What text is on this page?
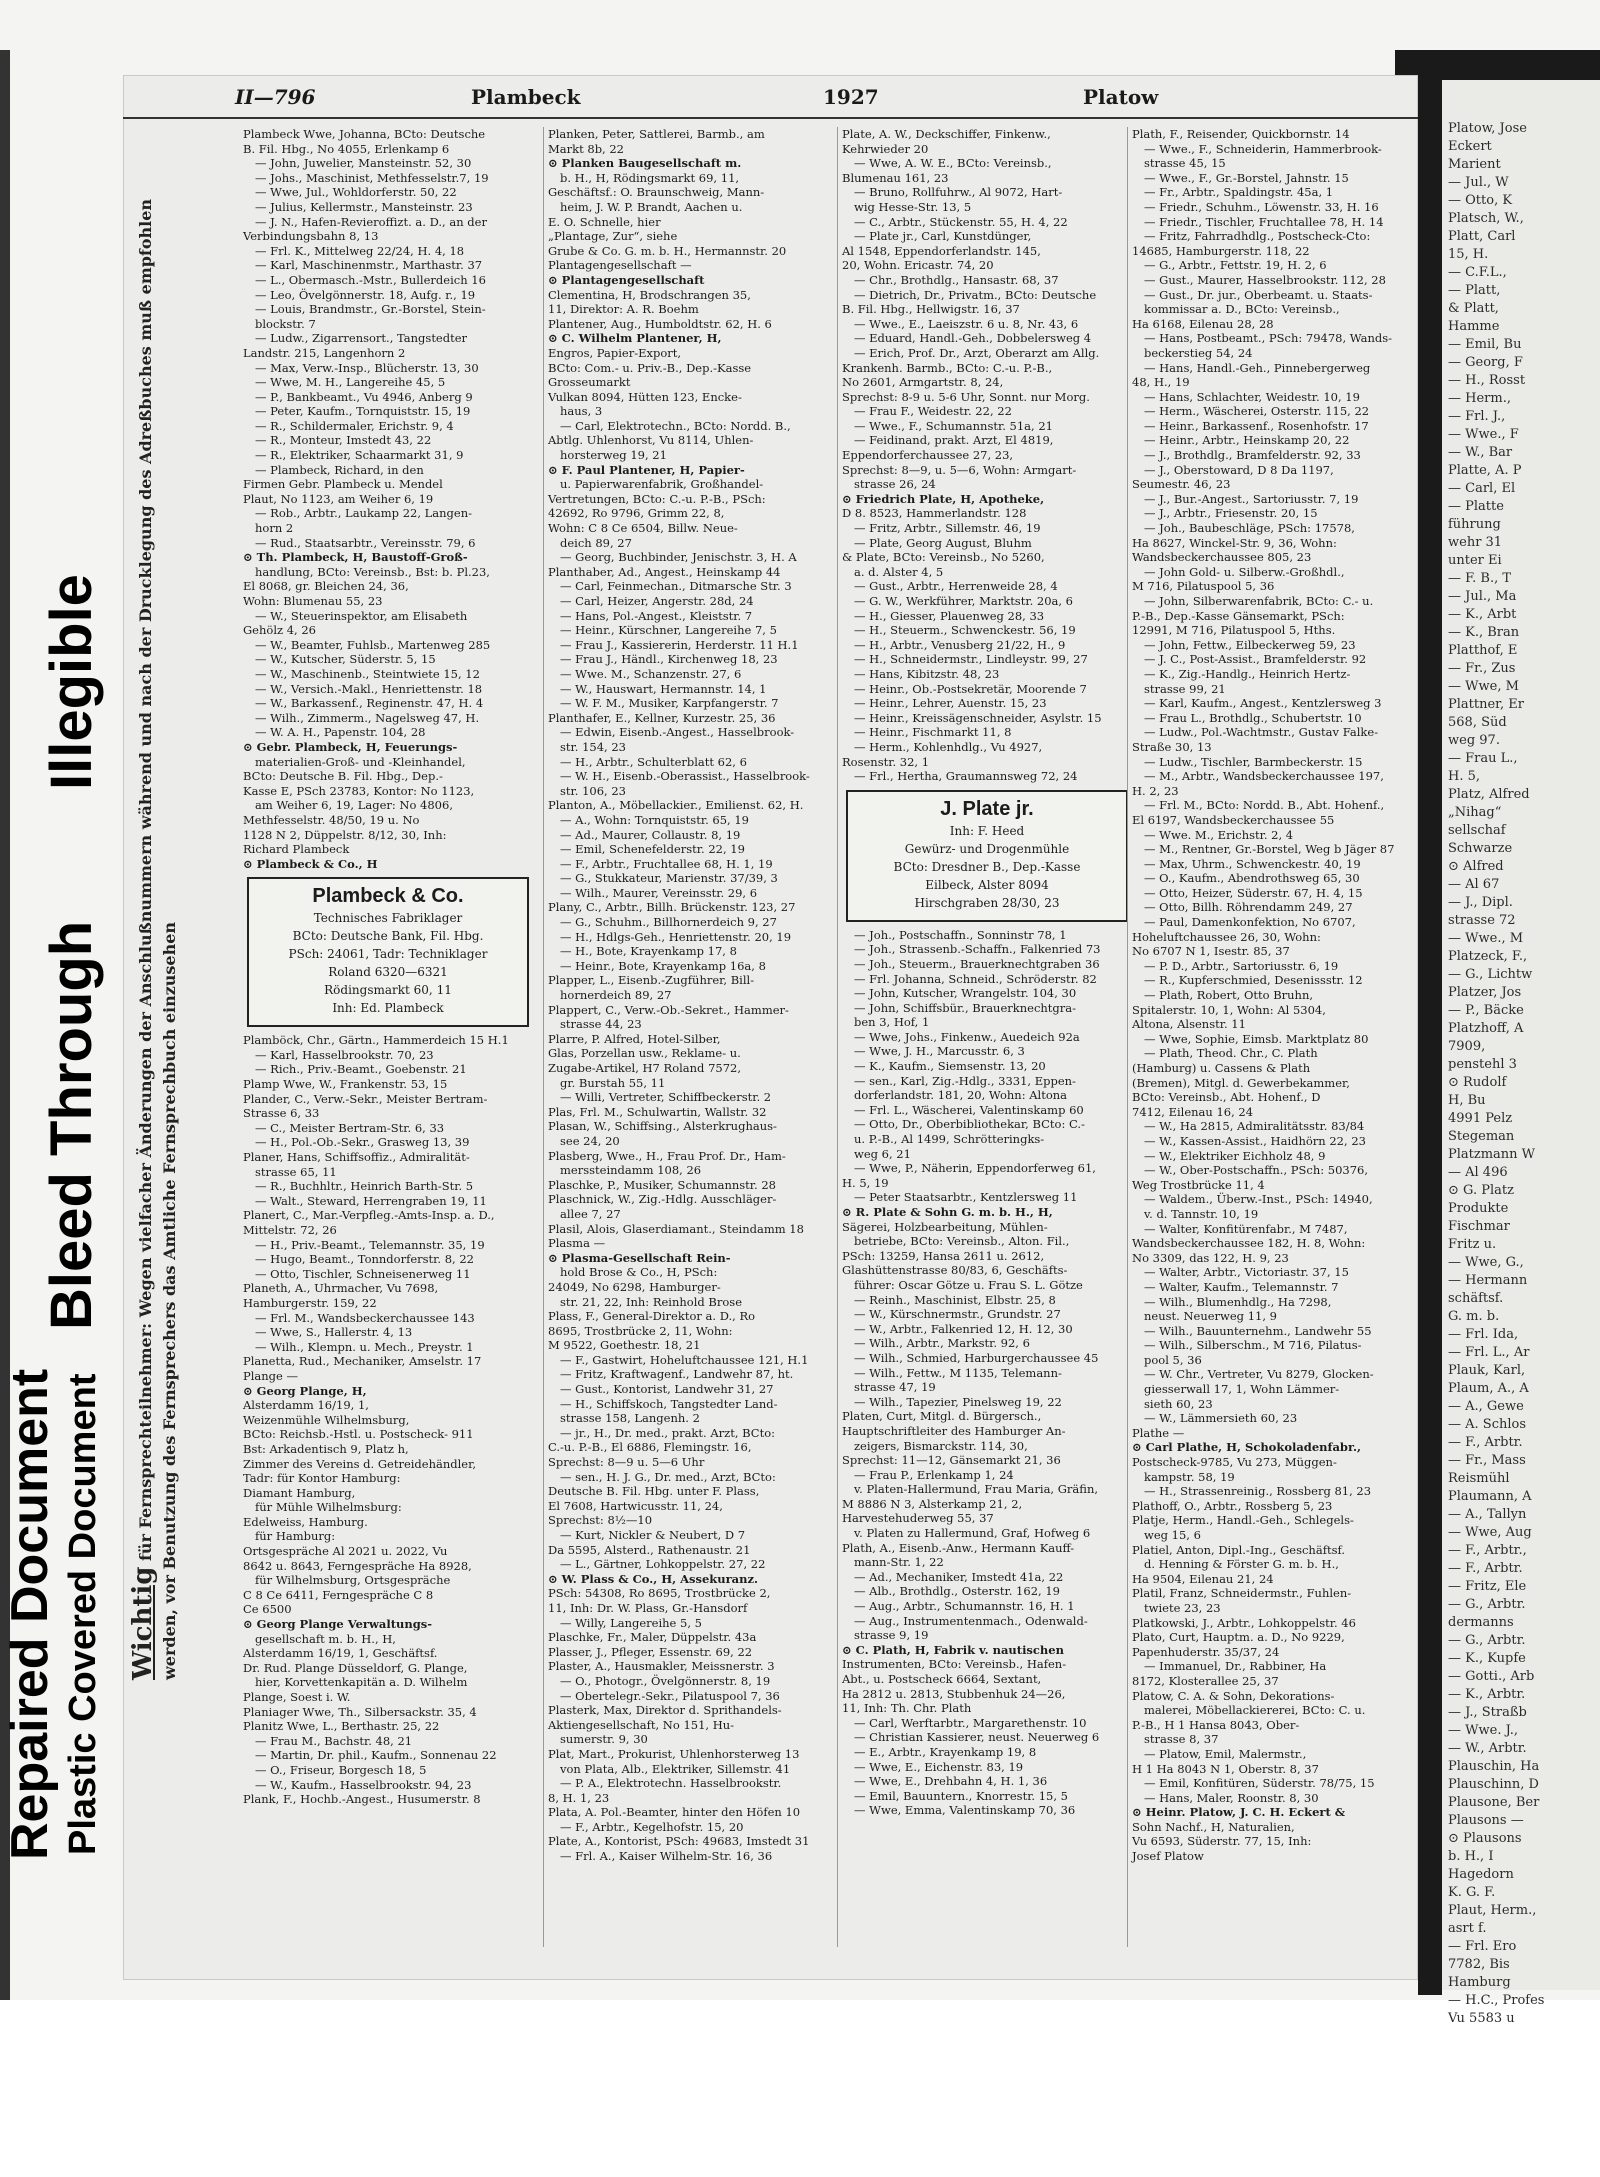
II—796	Plambeck	1927	Platow
Wichtig für Fernsprechteilnehmer: Wegen vielfacher Änderungen der Anschlußnummern während und nach der Drucklegung des Adreßbuches muß empfohlen werden, vor Benutzung des Fernsprechers das Amtliche Fernsprechbuch einzusehen
Plambeck Wwe, Johanna, BCto: Deutsche
B. Fil. Hbg., No 4055, Erlenkamp 6
— John, Juwelier, Mansteinstr. 52, 30
— Johs., Maschinist, Methfesselstr.7, 19
— Wwe, Jul., Wohldorferstr. 50, 22
— Julius, Kellermstr., Mansteinstr. 23
— J. N., Hafen-Revieroffizt. a. D., an der
Verbindungsbahn 8, 13
— Frl. K., Mittelweg 22/24, H. 4, 18
— Karl, Maschinenmstr., Marthastr. 37
— L., Obermasch.-Mstr., Bullerdeich 16
— Leo, Övelgönnerstr. 18, Aufg. r., 19
— Louis, Brandmstr., Gr.-Borstel, Stein-
blockstr. 7
— Ludw., Zigarrensort., Tangstedter
Landstr. 215, Langenhorn 2
— Max, Verw.-Insp., Blücherstr. 13, 30
— Wwe, M. H., Langereihe 45, 5
— P., Bankbeamt., Vu 4946, Anberg 9
— Peter, Kaufm., Tornquiststr. 15, 19
— R., Schildermaler, Erichstr. 9, 4
— R., Monteur, Imstedt 43, 22
— R., Elektriker, Schaarmarkt 31, 9
— Plambeck, Richard, in den
Firmen Gebr. Plambeck u. Mendel
Plaut, No 1123, am Weiher 6, 19
— Rob., Arbtr., Laukamp 22, Langen-
horn 2
— Rud., Staatsarbtr., Vereinsstr. 79, 6
⊙ Th. Plambeck, H, Baustoff-Groß-
handlung, BCto: Vereinsb., Bst: b. Pl.23,
El 8068, gr. Bleichen 24, 36,
Wohn: Blumenau 55, 23
— W., Steuerinspektor, am Elisabeth
Gehölz 4, 26
— W., Beamter, Fuhlsb., Martenweg 285
— W., Kutscher, Süderstr. 5, 15
— W., Maschinenb., Steintwiete 15, 12
— W., Versich.-Makl., Henriettenstr. 18
— W., Barkassenf., Reginenstr. 47, H. 4
— Wilh., Zimmerm., Nagelsweg 47, H.
— W. A. H., Papenstr. 104, 28
⊙ Gebr. Plambeck, H, Feuerungs-
materialien-Groß- und -Kleinhandel,
BCto: Deutsche B. Fil. Hbg., Dep.-
Kasse E, PSch 23783, Kontor: No 1123,
am Weiher 6, 19, Lager: No 4806,
Methfesselstr. 48/50, 19 u. No
1128 N 2, Düppelstr. 8/12, 30, Inh:
Richard Plambeck
⊙ Plambeck & Co., H
Plambeck & Co.
Technisches Fabriklager
BCto: Deutsche Bank, Fil. Hbg.
PSch: 24061, Tadr: Techniklager
Roland 6320—6321
Rödingsmarkt 60, 11
Inh: Ed. Plambeck
Plamböck, Chr., Gärtn., Hammerdeich 15 H.1
— Karl, Hasselbrookstr. 70, 23
— Rich., Priv.-Beamt., Goebenstr. 21
Plamp Wwe, W., Frankenstr. 53, 15
Plander, C., Verw.-Sekr., Meister Bertram-
Strasse 6, 33
— C., Meister Bertram-Str. 6, 33
— H., Pol.-Ob.-Sekr., Grasweg 13, 39
Planer, Hans, Schiffsoffiz., Admiralität-
strasse 65, 11
— R., Buchhltr., Heinrich Barth-Str. 5
— Walt., Steward, Herrengraben 19, 11
Planert, C., Mar.-Verpfleg.-Amts-Insp. a. D.,
Mittelstr. 72, 26
— H., Priv.-Beamt., Telemannstr. 35, 19
— Hugo, Beamt., Tonndorferstr. 8, 22
— Otto, Tischler, Schneisenerweg 11
Planeth, A., Uhrmacher, Vu 7698,
Hamburgerstr. 159, 22
— Frl. M., Wandsbeckerchaussee 143
— Wwe, S., Hallerstr. 4, 13
— Wilh., Klempn. u. Mech., Preystr. 1
Planetta, Rud., Mechaniker, Amselstr. 17
Plange —
⊙ Georg Plange, H,
Alsterdamm 16/19, 1,
Weizenmühle Wilhelmsburg,
BCto: Reichsb.-Hstl. u. Postscheck- 911
Bst: Arkadentisch 9, Platz h,
Zimmer des Vereins d. Getreidehändler,
Tadr: für Kontor Hamburg:
Diamant Hamburg,
für Mühle Wilhelmsburg:
Edelweiss, Hamburg.
für Hamburg:
Ortsgespräche Al 2021 u. 2022, Vu
8642 u. 8643, Ferngespräche Ha 8928,
für Wilhelmsburg, Ortsgespräche
C 8 Ce 6411, Ferngespräche C 8
Ce 6500
⊙ Georg Plange Verwaltungs-
gesellschaft m. b. H., H,
Alsterdamm 16/19, 1, Geschäftsf.
Dr. Rud. Plange Düsseldorf, G. Plange,
hier, Korvettenkapitän a. D. Wilhelm
Plange, Soest i. W.
Planiager Wwe, Th., Silbersackstr. 35, 4
Planitz Wwe, L., Berthastr. 25, 22
— Frau M., Bachstr. 48, 21
— Martin, Dr. phil., Kaufm., Sonnenau 22
— O., Friseur, Borgesch 18, 5
— W., Kaufm., Hasselbrookstr. 94, 23
Plank, F., Hochb.-Angest., Husumerstr. 8
Planken, Peter, Sattlerei, Barmb., am
Markt 8b, 22
⊙ Planken Baugesellschaft m.
b. H., H, Rödingsmarkt 69, 11,
Geschäftsf.: O. Braunschweig, Mann-
heim, J. W. P. Brandt, Aachen u.
E. O. Schnelle, hier
„Plantage, Zur“, siehe
Grube & Co. G. m. b. H., Hermannstr. 20
Plantagengesellschaft —
⊙ Plantagengesellschaft
Clementina, H, Brodschrangen 35,
11, Direktor: A. R. Boehm
Plantener, Aug., Humboldtstr. 62, H. 6
⊙ C. Wilhelm Plantener, H,
Engros, Papier-Export,
BCto: Com.- u. Priv.-B., Dep.-Kasse
Grosseumarkt
Vulkan 8094, Hütten 123, Encke-
haus, 3
— Carl, Elektrotechn., BCto: Nordd. B.,
Abtlg. Uhlenhorst, Vu 8114, Uhlen-
horsterweg 19, 21
⊙ F. Paul Plantener, H, Papier-
u. Papierwarenfabrik, Großhandel-
Vertretungen, BCto: C.-u. P.-B., PSch:
42692, Ro 9796, Grimm 22, 8,
Wohn: C 8 Ce 6504, Billw. Neue-
deich 89, 27
— Georg, Buchbinder, Jenischstr. 3, H. A
Planthaber, Ad., Angest., Heinskamp 44
— Carl, Feinmechan., Ditmarsche Str. 3
— Carl, Heizer, Angerstr. 28d, 24
— Hans, Pol.-Angest., Kleiststr. 7
— Heinr., Kürschner, Langereihe 7, 5
— Frau J., Kassiererin, Herderstr. 11 H.1
— Frau J., Händl., Kirchenweg 18, 23
— Wwe. M., Schanzenstr. 27, 6
— W., Hauswart, Hermannstr. 14, 1
— W. F. M., Musiker, Karpfangerstr. 7
Planthafer, E., Kellner, Kurzestr. 25, 36
— Edwin, Eisenb.-Angest., Hasselbrook-
str. 154, 23
— H., Arbtr., Schulterblatt 62, 6
— W. H., Eisenb.-Oberassist., Hasselbrook-
str. 106, 23
Planton, A., Möbellackier., Emilienst. 62, H.
— A., Wohn: Tornquiststr. 65, 19
— Ad., Maurer, Collaustr. 8, 19
— Emil, Schenefelderstr. 22, 19
— F., Arbtr., Fruchtallee 68, H. 1, 19
— G., Stukkateur, Marienstr. 37/39, 3
— Wilh., Maurer, Vereinsstr. 29, 6
Plany, C., Arbtr., Billh. Brückenstr. 123, 27
— G., Schuhm., Billhornerdeich 9, 27
— H., Hdlgs-Geh., Henriettenstr. 20, 19
— H., Bote, Krayenkamp 17, 8
— Heinr., Bote, Krayenkamp 16a, 8
Plapper, L., Eisenb.-Zugführer, Bill-
hornerdeich 89, 27
Plappert, C., Verw.-Ob.-Sekret., Hammer-
strasse 44, 23
Plarre, P. Alfred, Hotel-Silber,
Glas, Porzellan usw., Reklame- u.
Zugabe-Artikel, H7 Roland 7572,
gr. Burstah 55, 11
— Willi, Vertreter, Schiffbeckerstr. 2
Plas, Frl. M., Schulwartin, Wallstr. 32
Plasan, W., Schiffsing., Alsterkrughaus-
see 24, 20
Plasberg, Wwe., H., Frau Prof. Dr., Ham-
merssteindamm 108, 26
Plaschke, P., Musiker, Schumannstr. 28
Plaschnick, W., Zig.-Hdlg. Ausschläger-
allee 7, 27
Plasil, Alois, Glaserdiamant., Steindamm 18
Plasma —
⊙ Plasma-Gesellschaft Rein-
hold Brose & Co., H, PSch:
24049, No 6298, Hamburger-
str. 21, 22, Inh: Reinhold Brose
Plass, F., General-Direktor a. D., Ro
8695, Trostbrücke 2, 11, Wohn:
M 9522, Goethestr. 18, 21
— F., Gastwirt, Hoheluftchaussee 121, H.1
— Fritz, Kraftwagenf., Landwehr 87, ht.
— Gust., Kontorist, Landwehr 31, 27
— H., Schiffskoch, Tangstedter Land-
strasse 158, Langenh. 2
— jr., H., Dr. med., prakt. Arzt, BCto:
C.-u. P.-B., El 6886, Flemingstr. 16,
Sprechst: 8—9 u. 5—6 Uhr
— sen., H. J. G., Dr. med., Arzt, BCto:
Deutsche B. Fil. Hbg. unter F. Plass,
El 7608, Hartwicusstr. 11, 24,
Sprechst: 8½—10
— Kurt, Nickler & Neubert, D 7
Da 5595, Alsterd., Rathenaustr. 21
— L., Gärtner, Lohkoppelstr. 27, 22
⊙ W. Plass & Co., H, Assekuranz.
PSch: 54308, Ro 8695, Trostbrücke 2,
11, Inh: Dr. W. Plass, Gr.-Hansdorf
— Willy, Langereihe 5, 5
Plaschke, Fr., Maler, Düppelstr. 43a
Plasser, J., Pfleger, Essenstr. 69, 22
Plaster, A., Hausmakler, Meissnerstr. 3
— O., Photogr., Övelgönnerstr. 8, 19
— Obertelegr.-Sekr., Pilatuspool 7, 36
Plasterk, Max, Direktor d. Sprithandels-
Aktiengesellschaft, No 151, Hu-
sumerstr. 9, 30
Plat, Mart., Prokurist, Uhlenhorsterweg 13
von Plata, Alb., Elektriker, Sillemstr. 41
— P. A., Elektrotechn. Hasselbrookstr.
8, H. 1, 23
Plata, A. Pol.-Beamter, hinter den Höfen 10
— F., Arbtr., Kegelhofstr. 15, 20
Plate, A., Kontorist, PSch: 49683, Imstedt 31
— Frl. A., Kaiser Wilhelm-Str. 16, 36
Plate, A. W., Deckschiffer, Finkenw.,
Kehrwieder 20
— Wwe, A. W. E., BCto: Vereinsb.,
Blumenau 161, 23
— Bruno, Rollfuhrw., Al 9072, Hart-
wig Hesse-Str. 13, 5
— C., Arbtr., Stückenstr. 55, H. 4, 22
— Plate jr., Carl, Kunstdünger,
Al 1548, Eppendorferlandstr. 145,
20, Wohn. Ericastr. 74, 20
— Chr., Brothdlg., Hansastr. 68, 37
— Dietrich, Dr., Privatm., BCto: Deutsche
B. Fil. Hbg., Hellwigstr. 16, 37
— Wwe., E., Laeiszstr. 6 u. 8, Nr. 43, 6
— Eduard, Handl.-Geh., Dobbelersweg 4
— Erich, Prof. Dr., Arzt, Oberarzt am Allg.
Krankenh. Barmb., BCto: C.-u. P.-B.,
No 2601, Armgartstr. 8, 24,
Sprechst: 8-9 u. 5-6 Uhr, Sonnt. nur Morg.
— Frau F., Weidestr. 22, 22
— Wwe., F., Schumannstr. 51a, 21
— Feidinand, prakt. Arzt, El 4819,
Eppendorferchaussee 27, 23,
Sprechst: 8—9, u. 5—6, Wohn: Armgart-
strasse 26, 24
⊙ Friedrich Plate, H, Apotheke,
D 8. 8523, Hammerlandstr. 128
— Fritz, Arbtr., Sillemstr. 46, 19
— Plate, Georg August, Bluhm
& Plate, BCto: Vereinsb., No 5260,
a. d. Alster 4, 5
— Gust., Arbtr., Herrenweide 28, 4
— G. W., Werkführer, Marktstr. 20a, 6
— H., Giesser, Plauenweg 28, 33
— H., Steuerm., Schwenckestr. 56, 19
— H., Arbtr., Venusberg 21/22, H., 9
— H., Schneidermstr., Lindleystr. 99, 27
— Hans, Kibitzstr. 48, 23
— Heinr., Ob.-Postsekretär, Moorende 7
— Heinr., Lehrer, Auenstr. 15, 23
— Heinr., Kreissägenschneider, Asylstr. 15
— Heinr., Fischmarkt 11, 8
— Herm., Kohlenhdlg., Vu 4927,
Rosenstr. 32, 1
— Frl., Hertha, Graumannsweg 72, 24
J. Plate jr.
Inh: F. Heed
Gewürz- und Drogenmühle
BCto: Dresdner B., Dep.-Kasse
Eilbeck, Alster 8094
Hirschgraben 28/30, 23
— Joh., Postschaffn., Sonninstr 78, 1
— Joh., Strassenb.-Schaffn., Falkenried 73
— Joh., Steuerm., Brauerknechtgraben 36
— Frl. Johanna, Schneid., Schröderstr. 82
— John, Kutscher, Wrangelstr. 104, 30
— John, Schiffsbür., Brauerknechtgra-
ben 3, Hof, 1
— Wwe, Johs., Finkenw., Auedeich 92a
— Wwe, J. H., Marcusstr. 6, 3
— K., Kaufm., Siemsenstr. 13, 20
— sen., Karl, Zig.-Hdlg., 3331, Eppen-
dorferlandstr. 181, 20, Wohn: Altona
— Frl. L., Wäscherei, Valentinskamp 60
— Otto, Dr., Oberbibliothekar, BCto: C.-
u. P.-B., Al 1499, Schrötteringks-
weg 6, 21
— Wwe, P., Näherin, Eppendorferweg 61,
H. 5, 19
— Peter Staatsarbtr., Kentzlersweg 11
⊙ R. Plate & Sohn G. m. b. H., H,
Sägerei, Holzbearbeitung, Mühlen-
betriebe, BCto: Vereinsb., Alton. Fil.,
PSch: 13259, Hansa 2611 u. 2612,
Glashüttenstrasse 80/83, 6, Geschäfts-
führer: Oscar Götze u. Frau S. L. Götze
— Reinh., Maschinist, Elbstr. 25, 8
— W., Kürschnermstr., Grundstr. 27
— W., Arbtr., Falkenried 12, H. 12, 30
— Wilh., Arbtr., Markstr. 92, 6
— Wilh., Schmied, Harburgerchaussee 45
— Wilh., Fettw., M 1135, Telemann-
strasse 47, 19
— Wilh., Tapezier, Pinelsweg 19, 22
Platen, Curt, Mitgl. d. Bürgersch.,
Hauptschriftleiter des Hamburger An-
zeigers, Bismarckstr. 114, 30,
Sprechst: 11—12, Gänsemarkt 21, 36
— Frau P., Erlenkamp 1, 24
v. Platen-Hallermund, Frau Maria, Gräfin,
M 8886 N 3, Alsterkamp 21, 2,
Harvestehuderweg 55, 37
v. Platen zu Hallermund, Graf, Hofweg 6
Plath, A., Eisenb.-Anw., Hermann Kauff-
mann-Str. 1, 22
— Ad., Mechaniker, Imstedt 41a, 22
— Alb., Brothdlg., Osterstr. 162, 19
— Aug., Arbtr., Schumannstr. 16, H. 1
— Aug., Instrumentenmach., Odenwald-
strasse 9, 19
⊙ C. Plath, H, Fabrik v. nautischen
Instrumenten, BCto: Vereinsb., Hafen-
Abt., u. Postscheck 6664, Sextant,
Ha 2812 u. 2813, Stubbenhuk 24—26,
11, Inh: Th. Chr. Plath
— Carl, Werftarbtr., Margarethenstr. 10
— Christian Kassierer, neust. Neuerweg 6
— E., Arbtr., Krayenkamp 19, 8
— Wwe, E., Eichenstr. 83, 19
— Wwe, E., Drehbahn 4, H. 1, 36
— Emil, Bauuntern., Knorrestr. 15, 5
— Wwe, Emma, Valentinskamp 70, 36
Plath, F., Reisender, Quickbornstr. 14
— Wwe., F., Schneiderin, Hammerbrook-
strasse 45, 15
— Wwe., F., Gr.-Borstel, Jahnstr. 15
— Fr., Arbtr., Spaldingstr. 45a, 1
— Friedr., Schuhm., Löwenstr. 33, H. 16
— Friedr., Tischler, Fruchtallee 78, H. 14
— Fritz, Fahrradhdlg., Postscheck-Cto:
14685, Hamburgerstr. 118, 22
— G., Arbtr., Fettstr. 19, H. 2, 6
— Gust., Maurer, Hasselbrookstr. 112, 28
— Gust., Dr. jur., Oberbeamt. u. Staats-
kommissar a. D., BCto: Vereinsb.,
Ha 6168, Eilenau 28, 28
— Hans, Postbeamt., PSch: 79478, Wands-
beckerstieg 54, 24
— Hans, Handl.-Geh., Pinnebergerweg
48, H., 19
— Hans, Schlachter, Weidestr. 10, 19
— Herm., Wäscherei, Osterstr. 115, 22
— Heinr., Barkassenf., Rosenhofstr. 17
— Heinr., Arbtr., Heinskamp 20, 22
— J., Brothdlg., Bramfelderstr. 92, 33
— J., Oberstoward, D 8 Da 1197,
Seumestr. 46, 23
— J., Bur.-Angest., Sartoriusstr. 7, 19
— J., Arbtr., Friesenstr. 20, 15
— Joh., Baubeschläge, PSch: 17578,
Ha 8627, Winckel-Str. 9, 36, Wohn:
Wandsbeckerchaussee 805, 23
— John Gold- u. Silberw.-Großhdl.,
M 716, Pilatuspool 5, 36
— John, Silberwarenfabrik, BCto: C.- u.
P.-B., Dep.-Kasse Gänsemarkt, PSch:
12991, M 716, Pilatuspool 5, Hths.
— John, Fettw., Eilbeckerweg 59, 23
— J. C., Post-Assist., Bramfelderstr. 92
— K., Zig.-Handlg., Heinrich Hertz-
strasse 99, 21
— Karl, Kaufm., Angest., Kentzlersweg 3
— Frau L., Brothdlg., Schubertstr. 10
— Ludw., Pol.-Wachtmstr., Gustav Falke-
Straße 30, 13
— Ludw., Tischler, Barmbeckerstr. 15
— M., Arbtr., Wandsbeckerchaussee 197,
H. 2, 23
— Frl. M., BCto: Nordd. B., Abt. Hohenf.,
El 6197, Wandsbeckerchaussee 55
— Wwe. M., Erichstr. 2, 4
— M., Rentner, Gr.-Borstel, Weg b Jäger 87
— Max, Uhrm., Schwenckestr. 40, 19
— O., Kaufm., Abendrothsweg 65, 30
— Otto, Heizer, Süderstr. 67, H. 4, 15
— Otto, Billh. Röhrendamm 249, 27
— Paul, Damenkonfektion, No 6707,
Hoheluftchaussee 26, 30, Wohn:
No 6707 N 1, Isestr. 85, 37
— P. D., Arbtr., Sartoriusstr. 6, 19
— R., Kupferschmied, Desenissstr. 12
— Plath, Robert, Otto Bruhn,
Spitalerstr. 10, 1, Wohn: Al 5304,
Altona, Alsenstr. 11
— Wwe, Sophie, Eimsb. Marktplatz 80
— Plath, Theod. Chr., C. Plath
(Hamburg) u. Cassens & Plath
(Bremen), Mitgl. d. Gewerbekammer,
BCto: Vereinsb., Abt. Hohenf., D
7412, Eilenau 16, 24
— W., Ha 2815, Admiralitätsstr. 83/84
— W., Kassen-Assist., Haidhörn 22, 23
— W., Elektriker Eichholz 48, 9
— W., Ober-Postschaffn., PSch: 50376,
Weg Trostbrücke 11, 4
— Waldem., Überw.-Inst., PSch: 14940,
v. d. Tannstr. 10, 19
— Walter, Konfitürenfabr., M 7487,
Wandsbeckerchaussee 182, H. 8, Wohn:
No 3309, das 122, H. 9, 23
— Walter, Arbtr., Victoriastr. 37, 15
— Walter, Kaufm., Telemannstr. 7
— Wilh., Blumenhdlg., Ha 7298,
neust. Neuerweg 11, 9
— Wilh., Bauunternehm., Landwehr 55
— Wilh., Silberschm., M 716, Pilatus-
pool 5, 36
— W. Chr., Vertreter, Vu 8279, Glocken-
giesserwall 17, 1, Wohn Lämmer-
sieth 60, 23
— W., Lämmersieth 60, 23
Plathe —
⊙ Carl Plathe, H, Schokoladenfabr.,
Postscheck-9785, Vu 273, Müggen-
kampstr. 58, 19
— H., Strassenreinig., Rossberg 81, 23
Plathoff, O., Arbtr., Rossberg 5, 23
Platje, Herm., Handl.-Geh., Schlegels-
weg 15, 6
Platiel, Anton, Dipl.-Ing., Geschäftsf.
d. Henning & Förster G. m. b. H.,
Ha 9504, Eilenau 21, 24
Platil, Franz, Schneidermstr., Fuhlen-
twiete 23, 23
Platkowski, J., Arbtr., Lohkoppelstr. 46
Plato, Curt, Hauptm. a. D., No 9229,
Papenhuderstr. 35/37, 24
— Immanuel, Dr., Rabbiner, Ha
8172, Klosterallee 25, 37
Platow, C. A. & Sohn, Dekorations-
malerei, Möbellackiererei, BCto: C. u.
P.-B., H 1 Hansa 8043, Ober-
strasse 8, 37
— Platow, Emil, Malermstr.,
H 1 Ha 8043 N 1, Oberstr. 8, 37
— Emil, Konfitüren, Süderstr. 78/75, 15
— Hans, Maler, Roonstr. 8, 30
⊙ Heinr. Platow, J. C. H. Eckert &
Sohn Nachf., H, Naturalien,
Vu 6593, Süderstr. 77, 15, Inh:
Josef Platow
Platow, Jose
Eckert
Marient
— Jul., W
— Otto, K
Platsch, W.,
Platt, Carl
15, H.
— C.F.L.,
— Platt,
& Platt,
Hamme
— Emil, Bu
— Georg, F
— H., Rosst
— Herm.,
— Frl. J.,
— Wwe., F
— W., Bar
Platte, A. P
— Carl, El
— Platte
führung
wehr 31
unter Ei
— F. B., T
— Jul., Ma
— K., Arbt
— K., Bran
Platthof, E
— Fr., Zus
— Wwe, M
Plattner, Er
568, Süd
weg 97.
— Frau L.,
H. 5,
Platz, Alfred
„Nihag“
sellschaf
Schwarze
⊙ Alfred
— Al 67
— J., Dipl.
strasse 72
— Wwe., M
Platzeck, F.,
— G., Lichtw
Platzer, Jos
— P., Bäcke
Platzhoff, A
7909,
penstehl 3
⊙ Rudolf
H, Bu
4991 Pelz
Stegeman
Platzmann W
— Al 496
⊙ G. Platz
Produkte
Fischmar
Fritz u.
— Wwe, G.,
— Hermann
schäftsf.
G. m. b.
— Frl. Ida,
— Frl. L., Ar
Plauk, Karl,
Plaum, A., A
— A., Gewe
— A. Schlos
— F., Arbtr.
— Fr., Mass
Reismühl
Plaumann, A
— A., Tallyn
— Wwe, Aug
— F., Arbtr.,
— F., Arbtr.
— Fritz, Ele
— G., Arbtr.
dermanns
— G., Arbtr.
— K., Kupfe
— Gotti., Arb
— K., Arbtr.
— J., Straßb
— Wwe. J.,
— W., Arbtr.
Plauschin, Ha
Plauschinn, D
Plausone, Ber
Plausons —
⊙ Plausons
b. H., I
Hagedorn
K. G. F.
Plaut, Herm.,
asrt f.
— Frl. Ero
7782, Bis
Hamburg
— H.C., Profes
Vu 5583 u
Illegible
Bleed Through
Repaired Document Plastic Covered Document
